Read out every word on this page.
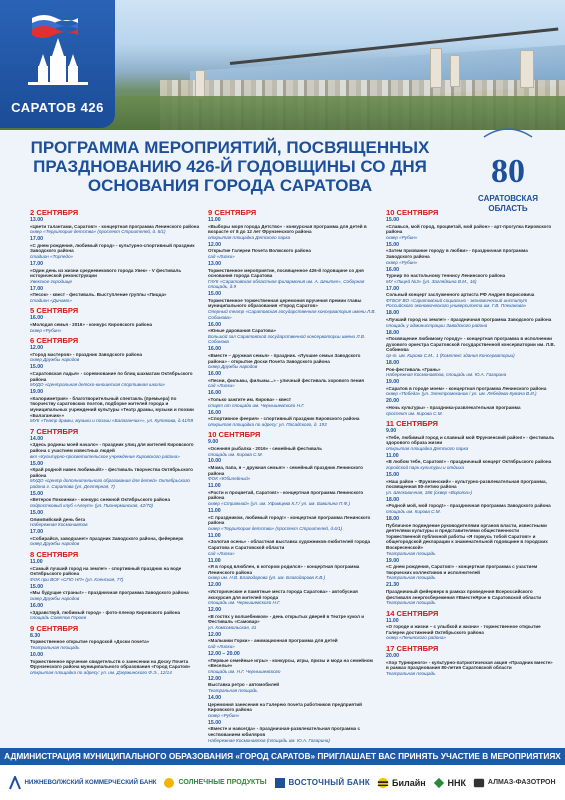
САРАТОВ 426
ПРОГРАММА МЕРОПРИЯТИЙ, ПОСВЯЩЕННЫХ ПРАЗДНОВАНИЮ 426-Й ГОДОВЩИНЫ СО ДНЯ ОСНОВАНИЯ ГОРОДА САРАТОВА	80
САРАТОВСКАЯ ОБЛАСТЬ
2 СЕНТЯБРЯ
13.00
«Цвети талантами, Саратов!» - концертная программа Ленинского района
сквер «Территория детства» (проспект Строителей, д. 6/1)
17.00
«С днем рождения, любимый город» - культурно-спортивный праздник Заводского района
стадион «Торпедо»
17.00
«Один день из жизни средневекового города Увек» - V фестиваль исторической реконструкции
Увекское городище
17.00
«Песок» - квест - фестиваль. Выступление группы «Пицца»
стадион «Динамо»
5 СЕНТЯБРЯ
16.00
«Молодая семья - 2016» - конкурс Кировского района
сквер «Рубин»
6 СЕНТЯБРЯ
12.00
«Город мастеров» - праздник Заводского района
сквер Дружбы народов
15.00
«Саратовская ладья» - соревнование по блиц шахматам Октябрьского района
МУДО «Центральная детско-юношеская спортивная школа»
19.00
«Калориметрия» - благотворительный спектакль (премьера) по творчеству саратовских поэтов, подборке жителей города и муниципальных учреждений культуры «Театр драмы, музыки и поэзии «Балаганчик»»
МУК «Театр драмы, музыки и поэзии «Балаганчик»», ул. Кутякова, д.41/59
7 СЕНТЯБРЯ
14.00
«Здесь родины моей начало» - праздник улиц для жителей Кировского района с участием известных людей
вкл «Культурно-просветительское учреждение Кировского района»
15.00
«Край родной навек любимый!» - фестиваль творчества Октябрьского района
МУДО «Центр дополнительного образования для детей» Октябрьского района г. Саратова (ул. Дегтярная, 7)
15.00
«Ветерок Покоинки» - конкурс снежной Октябрьского района
подростковый клуб «Алеут» (ул. Пионерминская, 42/70)
15.00
Олимпийский день бега
Набережная Космонавтов
17.00
«Собирайся, заводчане!» праздник Заводского района, фейерверк
сквер Дружбы народов
8 СЕНТЯБРЯ
11.00
«Самый лучший город на земле!» - спортивный праздник на воде Октябрьского района
ФОК при ВОУ «СГЮ НП» (ул. Кленская, 77)
15.00
«Мы будущие страны!» - праздничная программа Заводского района
сквер Дружбы народов
16.00
«Здравствуй, любимый город» - фото-пленэр Кировского района
площадь Советов Героев
9 СЕНТЯБРЯ
8.30
Торжественное открытие городской «Доски почета»
Театральная площадь
10.00
Торжественное вручение свидетельств о занесении на Доску Почета Фрунзенского района муниципального образования «Город Саратов»
открытая площадка по адресу: ул. им. Дзержинского Ф.Э., 12/14
9 СЕНТЯБРЯ
11.00
«Выборы моря города Детство» - конкурсная программа для детей в возрасте от 8 до 12 лет Фрунзенского района
открытая площадка Детского парка
12.00
Открытие Галереи Почета Волжского района
сад «Липки»
13.00
Торжественное мероприятие, посвященное 426-й годовщине со дня основания города Саратова
ГАУК «Саратовская областная филармония им. А. Шнитке», Соборная площадь, д.9
15.00
Торжественное торжественная церемония вручения премии главы муниципального образования «Город Саратов»
Оперный театр «Саратовская государственная консерватория имени Л.В. Собинова»
16.00
«Юные дарования Саратова»
Большой зал Саратовской государственной консерватории имени Л.В. Собинова
16.00
«Вместе – дружная семья» - праздник. «Лучшие семьи Заводского района» - открытие Доски Почета Заводского района
сквер Дружбы народов
16.00
«Песни, фильмы, фильмы...» - уличный фестиваль хорового пения
сад «Липки»
16.00
«Только зажгите им. Кирова» - квест
старт от площади им. Чернышевского Н.Г.
16.00
«Спортивное феерия» - спортивный праздник Кировского района
открытая площадка по адресу: ул. Посадского, д. 193
10 СЕНТЯБРЯ
9.00
«Осенняя рыбалка - 2016» - семейный фестиваль
площадь им. Кирова С.М.
10.00
«Мама, папа, я – дружная семья!» - семейный праздник Ленинского района
ФОК «Юбилейный»
11.00
«Расти и процветай, Саратов!» - концертная программа Ленинского района
сквер «Стражний» (ул. им. Уфимцева К.Г./ ул. им. Бавилина П.Ф.)
11.00
«С праздником, любимый город!» - концертная программа Ленинского района
сквер «Территория детства» (проспект Строителей, д.6/1)
11.00
«Золотая осень» - областная выставка художников-любителей города Саратова и Саратовской области
сад «Липки»
11.00
«Я в город влюблен, в котором родился» - концертная программа Ленинского района
сквер им. Н.В. Благодарова (ул. им. Благодарова К.В.)
12.00
«Исторические и памятные места города Саратова» - автобусная экскурсия для жителей города
площадь им. Чернышевского Н.Г.
12.00
«В гостях у волшебников» - день открытых дверей в Театре кукол и Фестиваль «Самовар»
ул. Комсомольская, 41
12.00
«Мальчики Горки» - анимационная программа для детей
сад «Липки»
12.00 – 20.00
«Первые семейные игры» - конкурсы, игры, призы и мода на семейном «Веселье»
площадь им. Н.Г. Чернышевского
12.00
Выставка ретро - автомобилей
Театральная площадь
14.00
Церемония занесения на Галерею почета работников предприятий Кировского района
сквер «Рубин»
15.00
«Вместе и навсегда» - праздничная-развлекательная программа с чествованием юбиляров
Набережная Космонавтов (площадь им. Ю.А. Гагарина)
10 СЕНТЯБРЯ
15.00
«Славься, мой город, процветай, мой район» - арт-прогулка Кировского района
сквер «Рубин»
15.00
«Затем призвание городу в любви» - праздничная программа Заводского района
сквер «Рубин»
16.00
Турнир по настольному теннису Ленинского района
МУ «Лицей №3» (ул. Заглядкина В.М., 16)
17.00
Сольный концерт заслуженного артиста РФ Андрея Борисовича
ФГБОУ ВО «Саратовский социально - экономический институт Российского экономического университета им. Г.В. Плеханова»
18.00
«Лучший город на земле!» - праздничная программа Заводского района
площадь у администрации Заводского района
18.00
«Посвящение любимому городу» - концертная программа в исполнении духового оркестра Саратовской государственной консерватории им. Л.В. Собинова
пр-т. им. Кирова С.М., 1 (Комплекс здания Консерватории)
18.00
Рок-фестиваль «Грань»
Набережная Космонавтов, площадь им. Ю.А. Гагарина
19.00
«Саратов в городе моем» - концертная программа Ленинского района
сквер «Победа» (ул. Электромеханов / ул. им. Лебедева-Кумача В.И.)
20.00
«Ночь культуры» - праздника-развлекательная программа
проспект им. Кирова С.М.
11 СЕНТЯБРЯ
9.00
«Тебе, любимый город и славный мой Фрунзенский район!» - фестиваль здорового образа жизни
открытая площадка Детского парка
11.00
«В любом тебе, Саратов!» - праздничный концерт Октябрьского района
городской парк культуры и отдыха
15.00
«Наш район – Фрунзенский» - культурно-развлекательная программа, посвященная 80-летию района
ул. Шелковичная, 186 (сквер «Ворота»)
18.00
«Родной мой, мой город!» - праздничная программа Заводского района
площадь им. Кирова С.М.
18.00
Публичное подведение руководителями органов власти, известными деятелями культуры и представителями общественности торжественной публичной работы «Я горжусь тобой Саратов!» и общегородской декларации к знаменательной годовщине в городских Воскресенской»
Театральная площадь
19.00
«С днем рождения, Саратов!» - концертная программа с участием творческих коллективов и исполнителей
Театральная площадь
21.30
Праздничный фейерверк в рамках проведения Всероссийского фестиваля энергосбережения #ВместеЯрче в Саратовской области
Театральная площадь
14 СЕНТЯБРЯ
11.00
«О городе и жизни – с улыбкой и жизни» - торжественное открытие Галереи достижений Октябрьского района
сквер «Ленинского района»
17 СЕНТЯБРЯ
20.00
«Хор Турнирного» - культурно-патриотическая акция «Праздник вместе» в рамках празднования 80-летия Саратовской области
Театральная площадь
АДМИНИСТРАЦИЯ МУНИЦИПАЛЬНОГО ОБРАЗОВАНИЯ «ГОРОД САРАТОВ» ПРИГЛАШАЕТ ВАС ПРИНЯТЬ УЧАСТИЕ В МЕРОПРИЯТИЯХ
НИЖНЕВОЛЖСКИЙ КОММЕРЧЕСКИЙ БАНК	СОЛНЕЧНЫЕ ПРОДУКТЫ	ВОСТОЧНЫЙ БАНК Билайн ННК	АЛМАЗ-ФАЗОТРОН
